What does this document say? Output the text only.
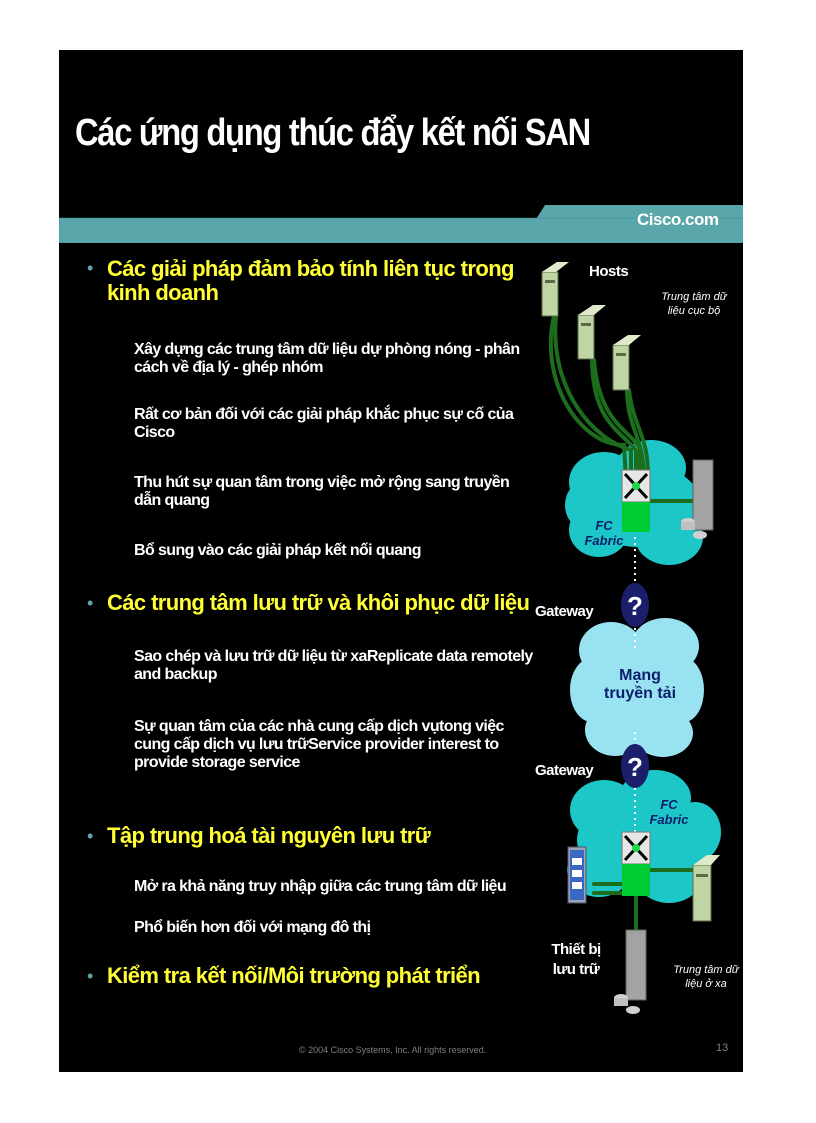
Các ứng dụng thúc đẩy kết nối SAN
Cisco.com
• Các giải pháp đảm bảo tính liên tục trong kinh doanh

Xây dựng các trung tâm dữ liệu dự phòng nóng - phân cách về địa lý - ghép nhóm

Rất cơ bản đối với các giải pháp khắc phục sự cố của Cisco

Thu hút sự quan tâm trong việc mở rộng sang truyền dẫn quang

Bổ sung vào các giải pháp kết nối quang

• Các trung tâm lưu trữ và khôi phục dữ liệu

Sao chép và lưu trữ dữ liệu từ xaReplicate data remotely and backup

Sự quan tâm của các nhà cung cấp dịch vụtong việc cung cấp dịch vụ lưu trữService provider interest to provide storage service

• Tập trung hoá tài nguyên lưu trữ

Mở ra khả năng truy nhập giữa các trung tâm dữ liệu

Phổ biến hơn đối với mạng đô thị

• Kiểm tra kết nối/Môi trường phát triển

?
?
Hosts
Trung tâm dữ liệu cục bộ
FC Fabric
Gateway
Mạng truyền tải
Gateway
FC Fabric
Thiết bị lưu trữ	Trung tâm dữ liệu ở xa
© 2004 Cisco Systems, Inc. All rights reserved.	13
